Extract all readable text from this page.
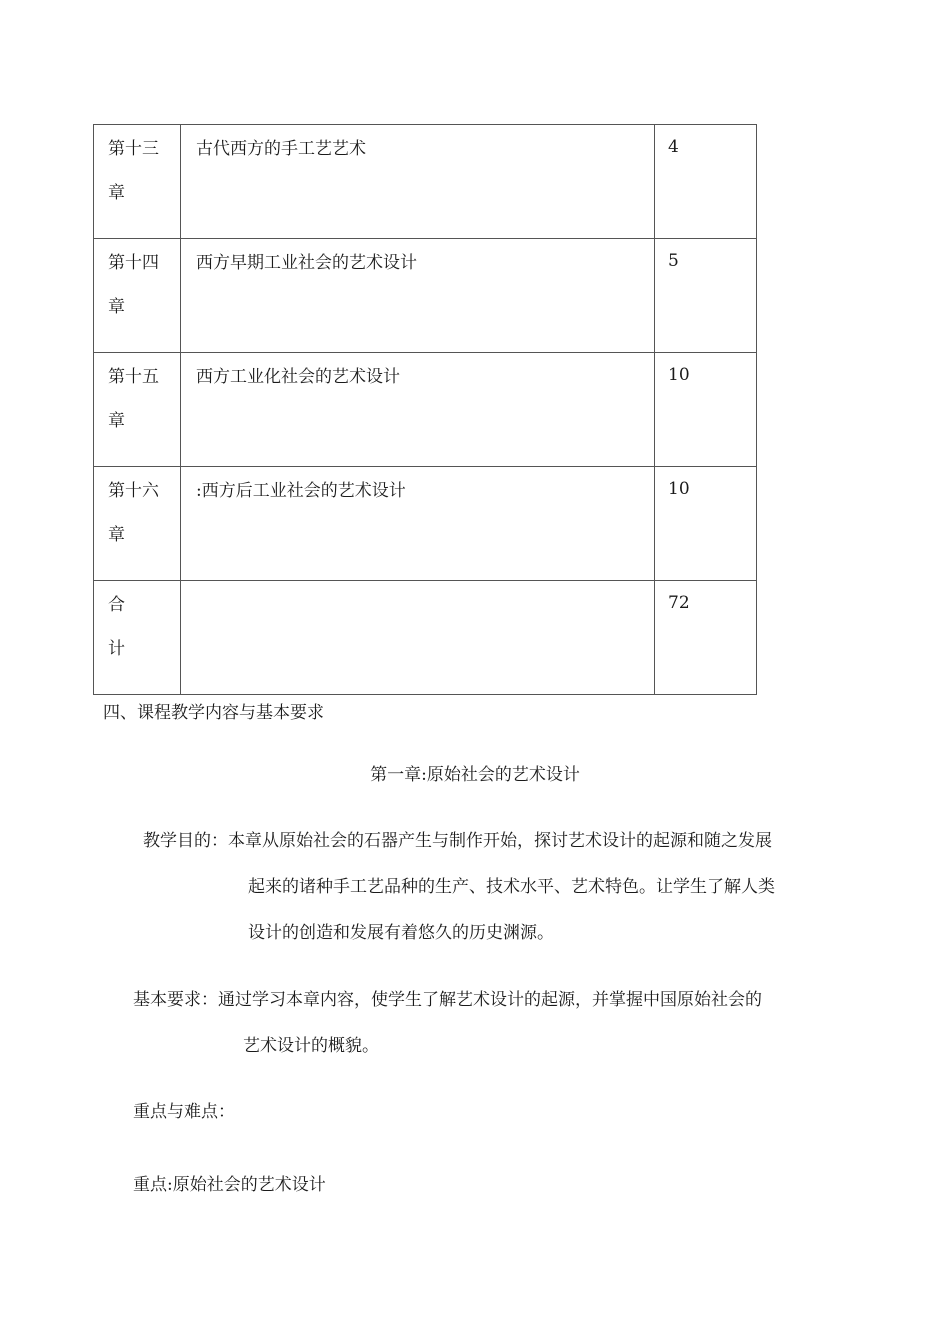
第十三章	古代西方的手工艺艺术	4

第十四章	西方早期工业社会的艺术设计	5

第十五章	西方工业化社会的艺术设计	10

第十六章	:西方后工业社会的艺术设计	10

合计		72

四、课程教学内容与基本要求

第一章:原始社会的艺术设计

教学目的：本章从原始社会的石器产生与制作开始，探讨艺术设计的起源和随之发展

起来的诸种手工艺品种的生产、技术水平、艺术特色。让学生了解人类

设计的创造和发展有着悠久的历史渊源。

基本要求：通过学习本章内容，使学生了解艺术设计的起源，并掌握中国原始社会的

艺术设计的概貌。

重点与难点：

重点:原始社会的艺术设计
